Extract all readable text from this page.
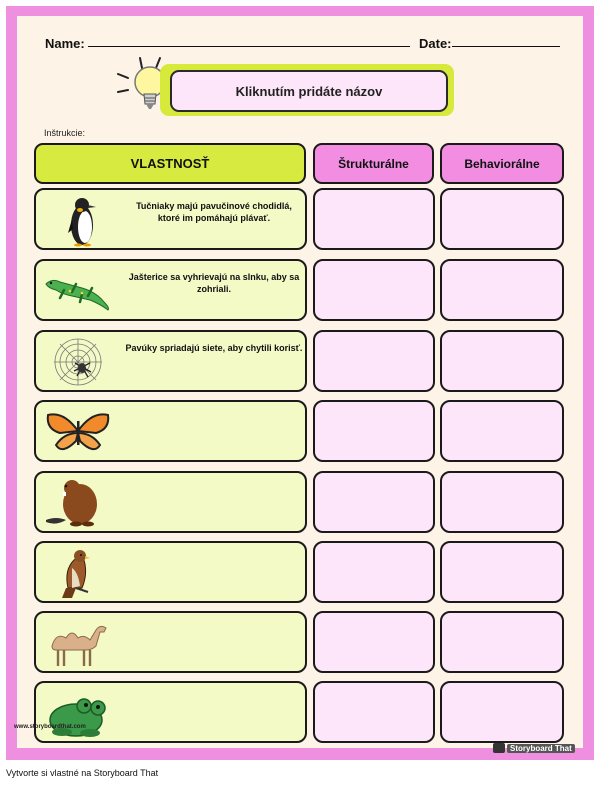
Name:	Date:
Kliknutím pridáte názov
Inštrukcie:
VLASTNOSŤ	Štrukturálne	Behaviorálne
Tučniaky majú pavučinové chodidlá, ktoré im pomáhajú plávať.
Jašterice sa vyhrievajú na slnku, aby sa zohriali.
Pavúky spriadajú siete, aby chytili korisť.
www.storyboardthat.com
Storyboard That
Vytvorte si vlastné na Storyboard That
